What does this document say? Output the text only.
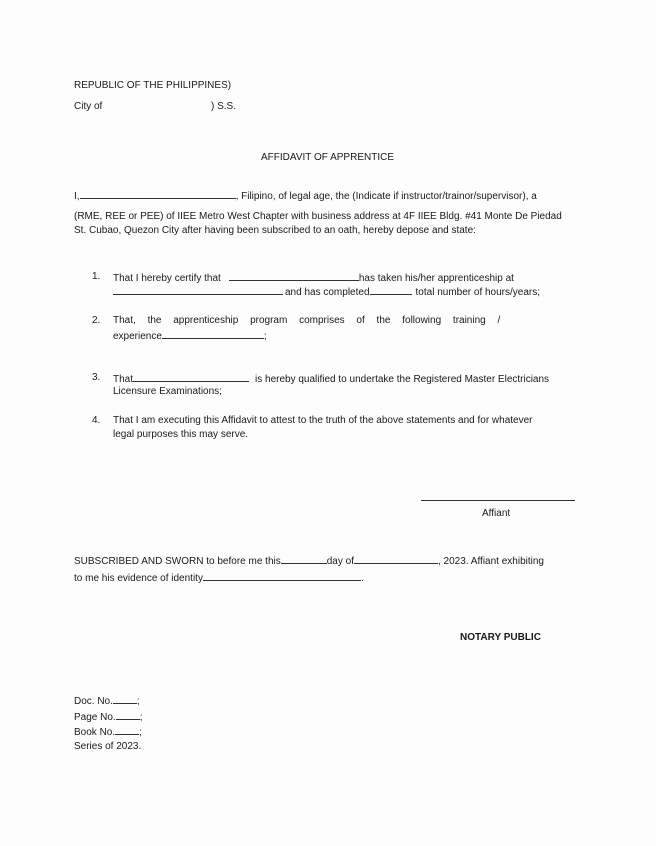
REPUBLIC OF THE PHILIPPINES)
City of	) S.S.
AFFIDAVIT OF APPRENTICE
I,	, Filipino, of legal age, the (Indicate if instructor/trainor/supervisor), a
(RME, REE or PEE) of IIEE Metro West Chapter with business address at 4F IIEE Bldg. #41 Monte De Piedad
St. Cubao, Quezon City after having been subscribed to an oath, hereby depose and state:
1. That I hereby certify that	has taken his/her apprenticeship at
and has completed	total number of hours/years;
2. That, the apprenticeship program comprises of the following training /
experience	;
3. That	is hereby qualified to undertake the Registered Master Electricians
Licensure Examinations;
4. That I am executing this Affidavit to attest to the truth of the above statements and for whatever
legal purposes this may serve.
Affiant
SUBSCRIBED AND SWORN to before me this	day of	, 2023. Affiant exhibiting
to me his evidence of identity	.
NOTARY PUBLIC
Doc. No. ;
Page No. ;
Book No. ;
Series of 2023.
